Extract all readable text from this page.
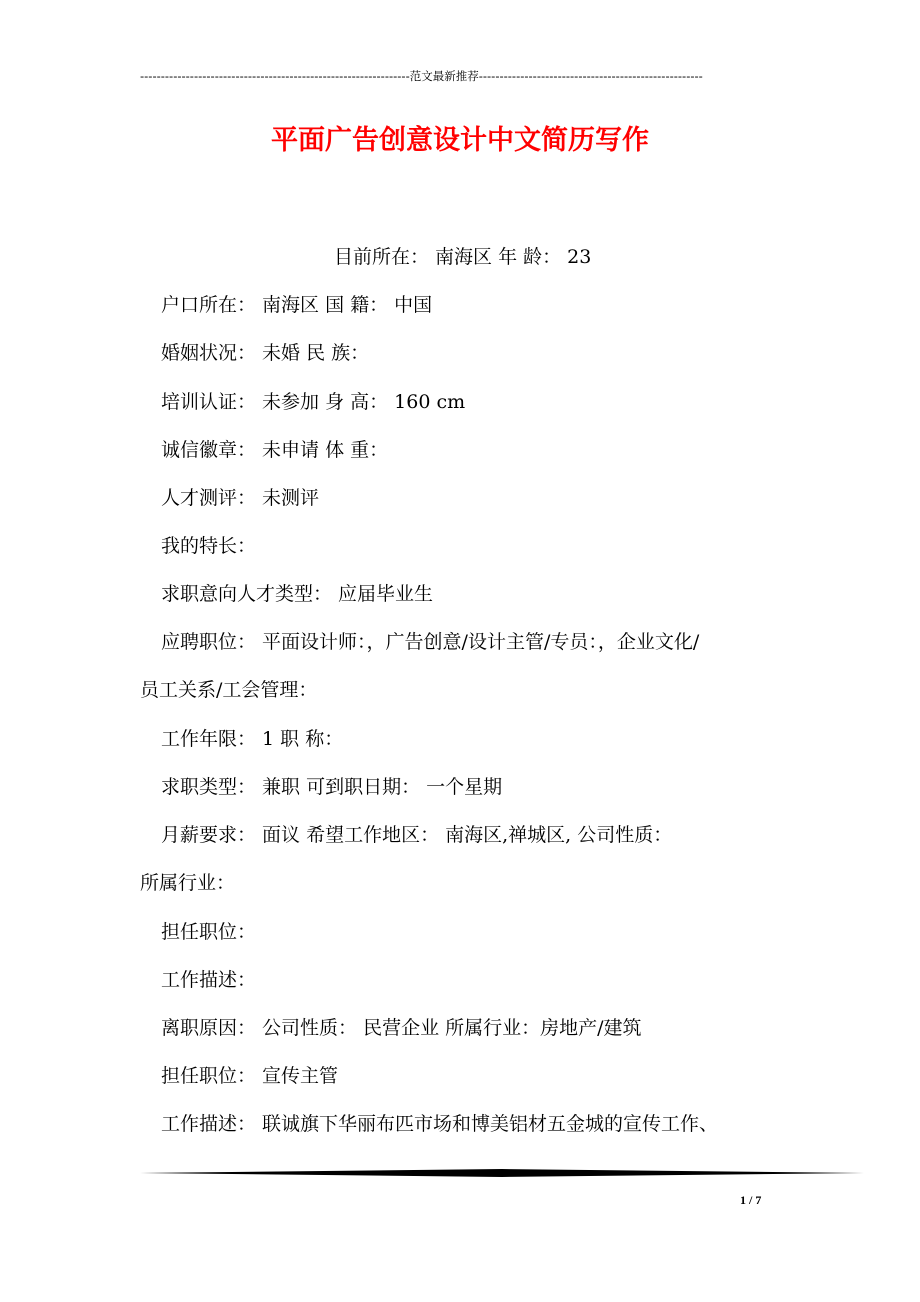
-----------------------------------------------------------------范文最新推荐------------------------------------------------------
平面广告创意设计中文简历写作
目前所在： 南海区 年 龄： 23
户口所在： 南海区 国 籍： 中国
婚姻状况： 未婚 民 族：
培训认证： 未参加 身 高： 160 cm
诚信徽章： 未申请 体 重：
人才测评： 未测评
我的特长：
求职意向人才类型： 应届毕业生
应聘职位： 平面设计师：，广告创意/设计主管/专员：，企业文化/
员工关系/工会管理：
工作年限： 1 职 称：
求职类型： 兼职 可到职日期： 一个星期
月薪要求： 面议 希望工作地区： 南海区,禅城区, 公司性质：
所属行业：
担任职位：
工作描述：
离职原因： 公司性质： 民营企业 所属行业：房地产/建筑
担任职位： 宣传主管
工作描述： 联诚旗下华丽布匹市场和博美铝材五金城的宣传工作、
1 / 7
